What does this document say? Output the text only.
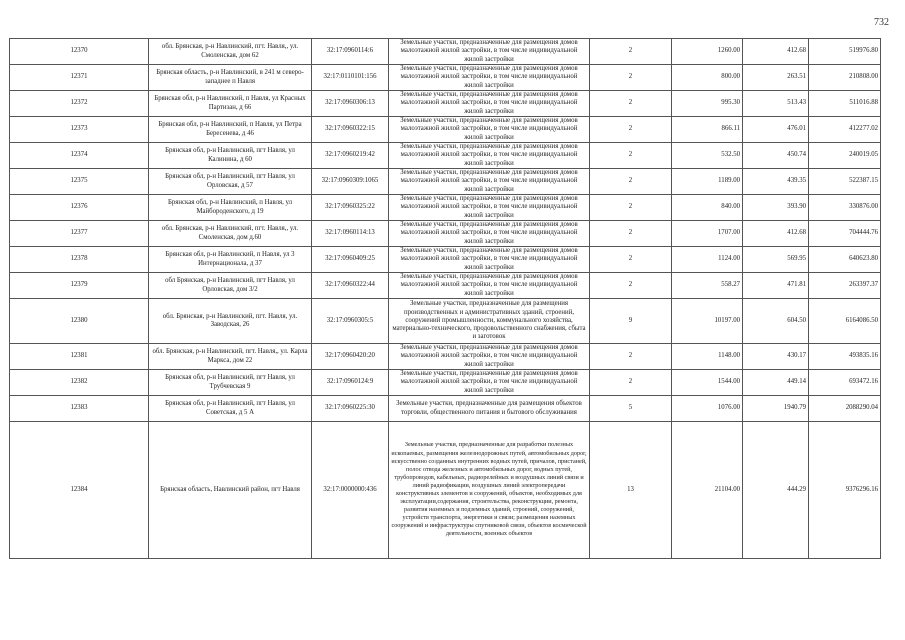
732
12370	обл. Брянская, р-н Навлинский, пгт. Навля,, ул. Смоленская, дом 62	32:17:0960114:6	Земельные участки, предназначенные для размещения домов малоэтажной жилой застройки, в том числе индивидуальной жилой застройки	2	1260.00	412.68	519976.80
12371	Брянская область, р-н Навлинский, в 241 м северо-западнее п Навля	32:17:0110101:156	Земельные участки, предназначенные для размещения домов малоэтажной жилой застройки, в том числе индивидуальной жилой застройки	2	800.00	263.51	210808.00
12372	Брянская обл, р-н Навлинский, п Навля, ул Красных Партизан, д 66	32:17:0960306:13	Земельные участки, предназначенные для размещения домов малоэтажной жилой застройки, в том числе индивидуальной жилой застройки	2	995.30	513.43	511016.88
12373	Брянская обл, р-н Навлинский, п Навля, ул Петра Бересенева, д 46	32:17:0960322:15	Земельные участки, предназначенные для размещения домов малоэтажной жилой застройки, в том числе индивидуальной жилой застройки	2	866.11	476.01	412277.02
12374	Брянская обл, р-н Навлинский, пгт Навля, ул Калинина, д 60	32:17:0960219:42	Земельные участки, предназначенные для размещения домов малоэтажной жилой застройки, в том числе индивидуальной жилой застройки	2	532.50	450.74	240019.05
12375	Брянская обл, р-н Навлинский, пгт Навля, ул Орловская, д 57	32:17:0960309:1065	Земельные участки, предназначенные для размещения домов малоэтажной жилой застройки, в том числе индивидуальной жилой застройки	2	1189.00	439.35	522387.15
12376	Брянская обл, р-н Навлинский, п Навля, ул Майбороденского, д 19	32:17:0960325:22	Земельные участки, предназначенные для размещения домов малоэтажной жилой застройки, в том числе индивидуальной жилой застройки	2	840.00	393.90	330876.00
12377	обл. Брянская, р-н Навлинский, пгт. Навля,, ул. Смоленская, дом д.60	32:17:0960114:13	Земельные участки, предназначенные для размещения домов малоэтажной жилой застройки, в том числе индивидуальной жилой застройки	2	1707.00	412.68	704444.76
12378	Брянская обл, р-н Навлинский, п Навля, ул 3 Интернационала, д 37	32:17:0960409:25	Земельные участки, предназначенные для размещения домов малоэтажной жилой застройки, в том числе индивидуальной жилой застройки	2	1124.00	569.95	640623.80
12379	обл Брянская, р-н Навлинский, пгт Навля, ул Орловская, дом 3/2	32:17:0960322:44	Земельные участки, предназначенные для размещения домов малоэтажной жилой застройки, в том числе индивидуальной жилой застройки	2	558.27	471.81	263397.37
12380	обл. Брянская, р-н Навлинский, пгт. Навля, ул. Заводская, 26	32:17:0960305:5	Земельные участки, предназначенные для размещения производственных и административных зданий, строений, сооружений промышленности, коммунального хозяйства, материально-технического, продовольственного снабжения, сбыта и заготовок	9	10197.00	604.50	6164086.50
12381	обл. Брянская, р-н Навлинский, пгт. Навля,, ул. Карла Маркса, дом 22	32:17:0960420:20	Земельные участки, предназначенные для размещения домов малоэтажной жилой застройки, в том числе индивидуальной жилой застройки	2	1148.00	430.17	493835.16
12382	Брянская обл, р-н Навлинский, пгт Навля, ул Трубчевская 9	32:17:0960124:9	Земельные участки, предназначенные для размещения домов малоэтажной жилой застройки, в том числе индивидуальной жилой застройки	2	1544.00	449.14	693472.16
12383	Брянская обл, р-н Навлинский, пгт Навля, ул Советская, д 5 А	32:17:0960225:30	Земельные участки, предназначенные для размещения объектов торговли, общественного питания и бытового обслуживания	5	1076.00	1940.79	2088290.04
12384	Брянская область, Навлинский район, пгт Навля	32:17:0000000:436	Земельные участки, предназначенные для разработки полезных ископаемых, размещения железнодорожных путей, автомобильных дорог, искусственно созданных внутренних водных путей, причалов, пристаней, полос отвода железных и автомобильных дорог, водных путей, трубопроводов, кабельных, радиорелейных и воздушных линий связи и линий радиофикации, воздушных линий электропередачи конструктивных элементов и сооружений, объектов, необходимых для эксплуатации,содержания, строительства, реконструкции, ремонта, развития наземных и подземных зданий, строений, сооружений, устройств транспорта, энергетики и связи; размещения наземных сооружений и инфраструктуры спутниковой связи, объектов космической деятельности, военных объектов	13	21104.00	444.29	9376296.16
